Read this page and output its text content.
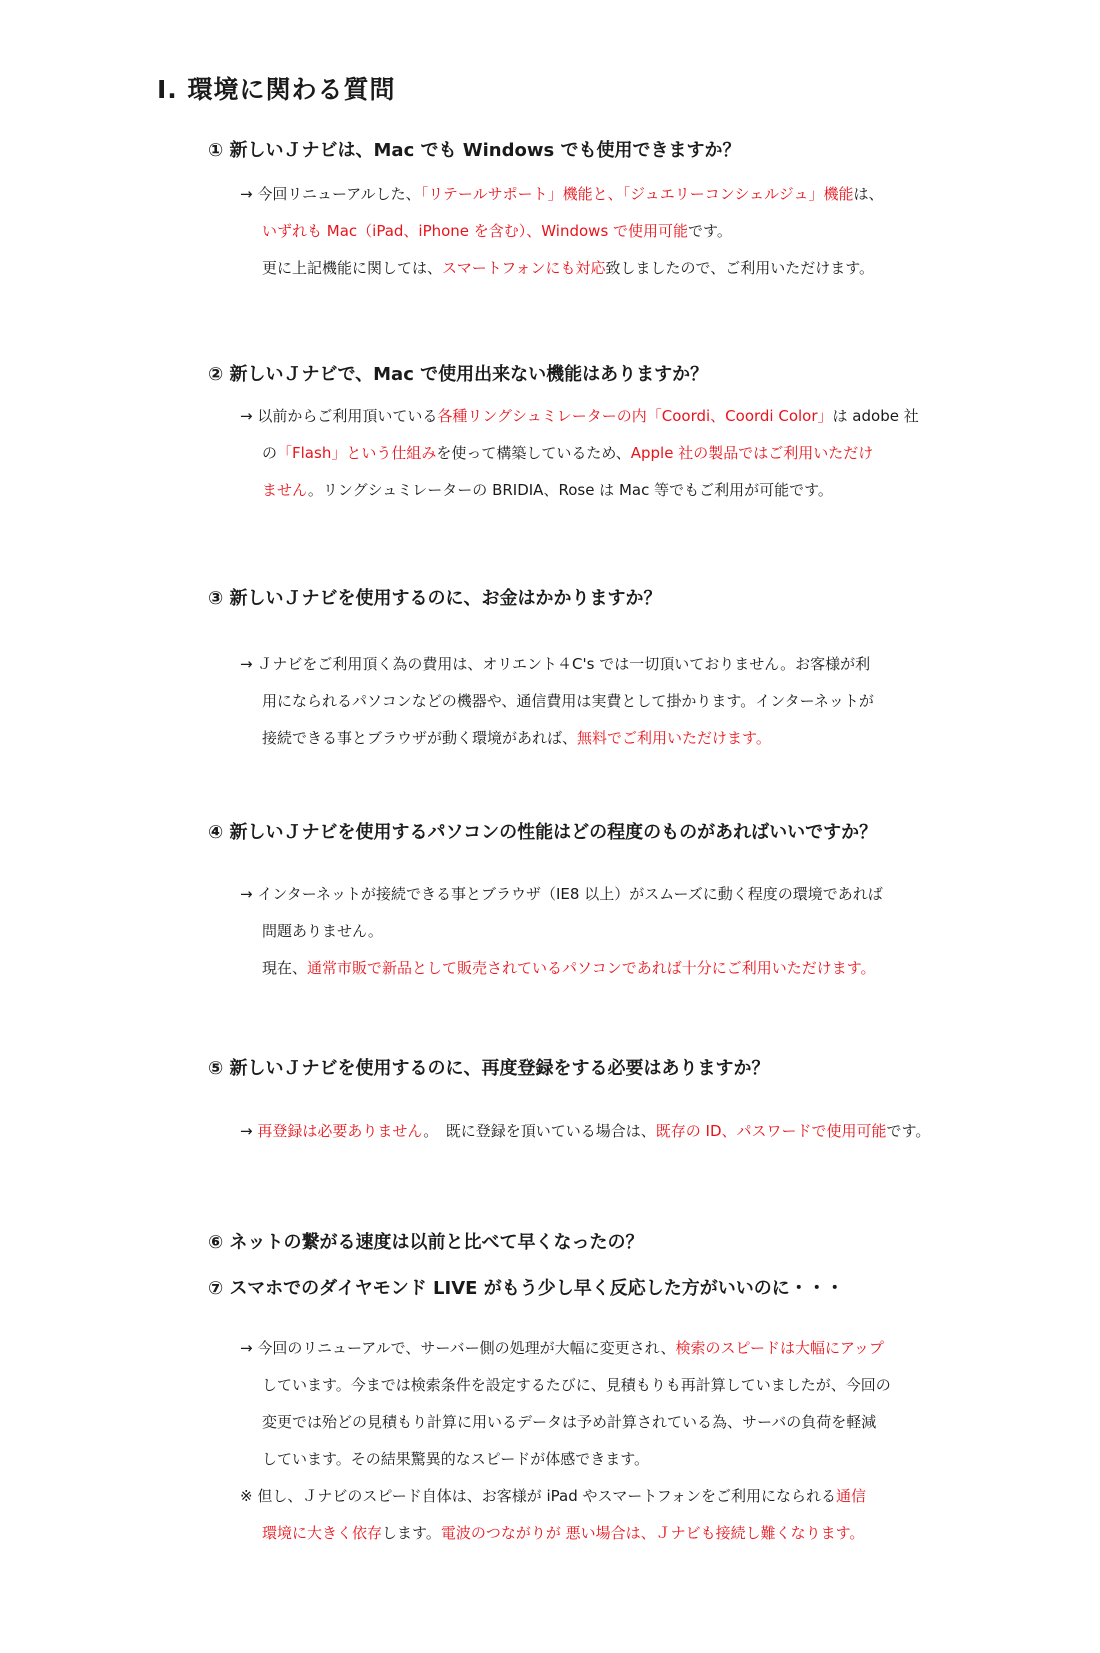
Ⅰ. 環境に関わる質問
① 新しいＪナビは、Mac でも Windows でも使用できますか？
→ 今回リニューアルした、「リテールサポート」機能と、「ジュエリーコンシェルジュ」機能は、
いずれも Mac（iPad、iPhone を含む）、Windows で使用可能です。
更に上記機能に関しては、スマートフォンにも対応致しましたので、ご利用いただけます。
② 新しいＪナビで、Mac で使用出来ない機能はありますか？
→ 以前からご利用頂いている各種リングシュミレーターの内「Coordi、Coordi Color」は adobe 社
の「Flash」という仕組みを使って構築しているため、Apple 社の製品ではご利用いただけ
ません。リングシュミレーターの BRIDIA、Rose は Mac 等でもご利用が可能です。
③ 新しいＪナビを使用するのに、お金はかかりますか？
→ Ｊナビをご利用頂く為の費用は、オリエント４C's では一切頂いておりません。お客様が利
用になられるパソコンなどの機器や、通信費用は実費として掛かります。インターネットが
接続できる事とブラウザが動く環境があれば、無料でご利用いただけます。
④ 新しいＪナビを使用するパソコンの性能はどの程度のものがあればいいですか？
→ インターネットが接続できる事とブラウザ（IE8 以上）がスムーズに動く程度の環境であれば
問題ありません。
現在、通常市販で新品として販売されているパソコンであれば十分にご利用いただけます。
⑤ 新しいＪナビを使用するのに、再度登録をする必要はありますか？
→ 再登録は必要ありません。　既に登録を頂いている場合は、既存の ID、パスワードで使用可能です。
⑥ ネットの繋がる速度は以前と比べて早くなったの？
⑦ スマホでのダイヤモンド LIVE がもう少し早く反応した方がいいのに・・・
→ 今回のリニューアルで、サーバー側の処理が大幅に変更され、検索のスピードは大幅にアップ
しています。今までは検索条件を設定するたびに、見積もりも再計算していましたが、今回の
変更では殆どの見積もり計算に用いるデータは予め計算されている為、サーバの負荷を軽減
しています。その結果驚異的なスピードが体感できます。
※ 但し、Ｊナビのスピード自体は、お客様が iPad やスマートフォンをご利用になられる通信
環境に大きく依存します。電波のつながりが 悪い場合は、Ｊナビも接続し難くなります。
